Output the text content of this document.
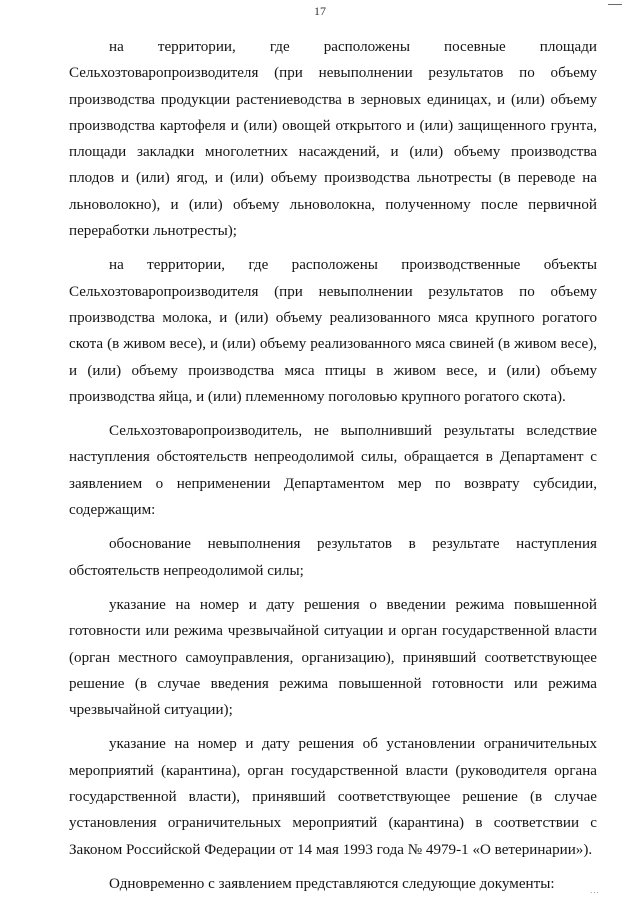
17

на территории, где расположены посевные площади Сельхозтоваропроизводителя (при невыполнении результатов по объему производства продукции растениеводства в зерновых единицах, и (или) объему производства картофеля и (или) овощей открытого и (или) защищенного грунта, площади закладки многолетних насаждений, и (или) объему производства плодов и (или) ягод, и (или) объему производства льнотресты (в переводе на льноволокно), и (или) объему льноволокна, полученному после первичной переработки льнотресты);

на территории, где расположены производственные объекты Сельхозтоваропроизводителя (при невыполнении результатов по объему производства молока, и (или) объему реализованного мяса крупного рогатого скота (в живом весе), и (или) объему реализованного мяса свиней (в живом весе), и (или) объему производства мяса птицы в живом весе, и (или) объему производства яйца, и (или) племенному поголовью крупного рогатого скота).

Сельхозтоваропроизводитель, не выполнивший результаты вследствие наступления обстоятельств непреодолимой силы, обращается в Департамент с заявлением о неприменении Департаментом мер по возврату субсидии, содержащим:

обоснование невыполнения результатов в результате наступления обстоятельств непреодолимой силы;

указание на номер и дату решения о введении режима повышенной готовности или режима чрезвычайной ситуации и орган государственной власти (орган местного самоуправления, организацию), принявший соответствующее решение (в случае введения режима повышенной готовности или режима чрезвычайной ситуации);

указание на номер и дату решения об установлении ограничительных мероприятий (карантина), орган государственной власти (руководителя органа государственной власти), принявший соответствующее решение (в случае установления ограничительных мероприятий (карантина) в соответствии с Законом Российской Федерации от 14 мая 1993 года № 4979-1 «О ветеринарии»).

Одновременно с заявлением представляются следующие документы:

···
